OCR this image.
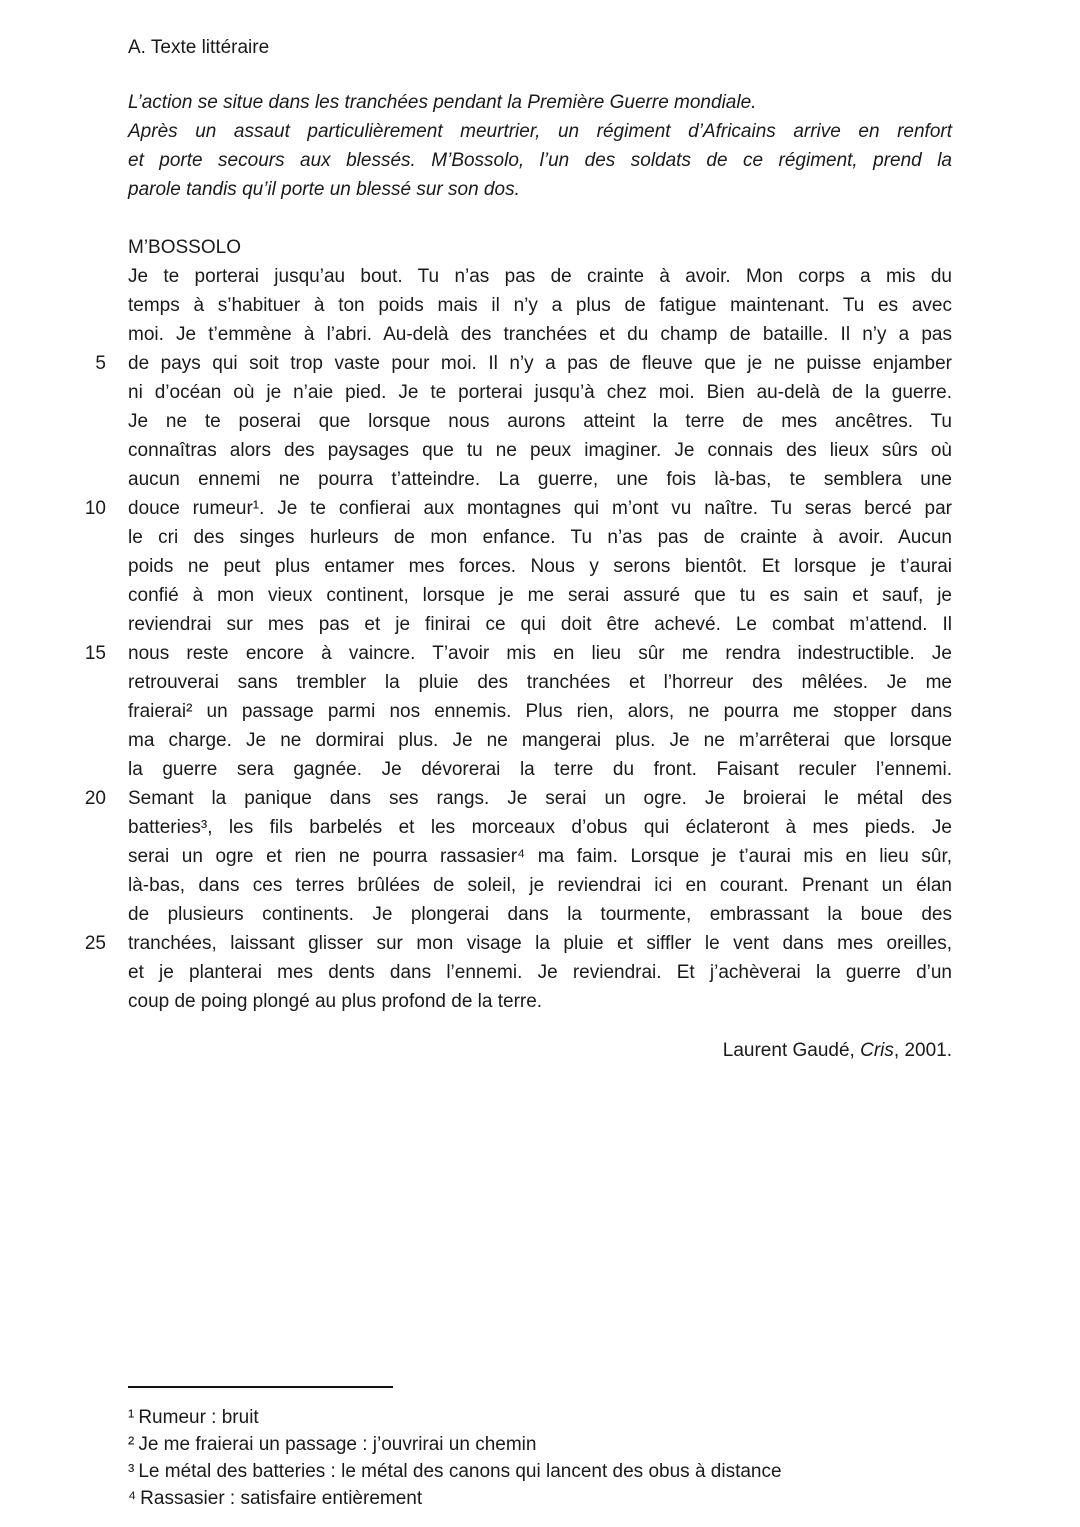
A. Texte littéraire
L’action se situe dans les tranchées pendant la Première Guerre mondiale.
Après un assaut particulièrement meurtrier, un régiment d’Africains arrive en renfort
et porte secours aux blessés. M’Bossolo, l’un des soldats de ce régiment, prend la
parole tandis qu’il porte un blessé sur son dos.
M’BOSSOLO
Je te porterai jusqu’au bout. Tu n’as pas de crainte à avoir. Mon corps a mis du
temps à s’habituer à ton poids mais il n’y a plus de fatigue maintenant. Tu es avec
moi. Je t’emmène à l’abri. Au-delà des tranchées et du champ de bataille. Il n’y a pas
5 de pays qui soit trop vaste pour moi. Il n’y a pas de fleuve que je ne puisse enjamber
ni d’océan où je n’aie pied. Je te porterai jusqu’à chez moi. Bien au-delà de la guerre.
Je ne te poserai que lorsque nous aurons atteint la terre de mes ancêtres. Tu
connaîtras alors des paysages que tu ne peux imaginer. Je connais des lieux sûrs où
aucun ennemi ne pourra t’atteindre. La guerre, une fois là-bas, te semblera une
10 douce rumeur¹. Je te confierai aux montagnes qui m’ont vu naître. Tu seras bercé par
le cri des singes hurleurs de mon enfance. Tu n’as pas de crainte à avoir. Aucun
poids ne peut plus entamer mes forces. Nous y serons bientôt. Et lorsque je t’aurai
confié à mon vieux continent, lorsque je me serai assuré que tu es sain et sauf, je
reviendrai sur mes pas et je finirai ce qui doit être achevé. Le combat m’attend. Il
15 nous reste encore à vaincre. T’avoir mis en lieu sûr me rendra indestructible. Je
retrouverai sans trembler la pluie des tranchées et l’horreur des mêlées. Je me
fraierai² un passage parmi nos ennemis. Plus rien, alors, ne pourra me stopper dans
ma charge. Je ne dormirai plus. Je ne mangerai plus. Je ne m’arrêterai que lorsque
la guerre sera gagnée. Je dévorerai la terre du front. Faisant reculer l’ennemi.
20 Semant la panique dans ses rangs. Je serai un ogre. Je broierai le métal des
batteries³, les fils barbelés et les morceaux d’obus qui éclateront à mes pieds. Je
serai un ogre et rien ne pourra rassasier⁴ ma faim. Lorsque je t’aurai mis en lieu sûr,
là-bas, dans ces terres brûlées de soleil, je reviendrai ici en courant. Prenant un élan
de plusieurs continents. Je plongerai dans la tourmente, embrassant la boue des
25 tranchées, laissant glisser sur mon visage la pluie et siffler le vent dans mes oreilles,
et je planterai mes dents dans l’ennemi. Je reviendrai. Et j’achèverai la guerre d’un
coup de poing plongé au plus profond de la terre.
Laurent Gaudé, Cris, 2001.
¹ Rumeur : bruit
² Je me fraierai un passage : j’ouvrirai un chemin
³ Le métal des batteries : le métal des canons qui lancent des obus à distance
⁴ Rassasier : satisfaire entièrement
